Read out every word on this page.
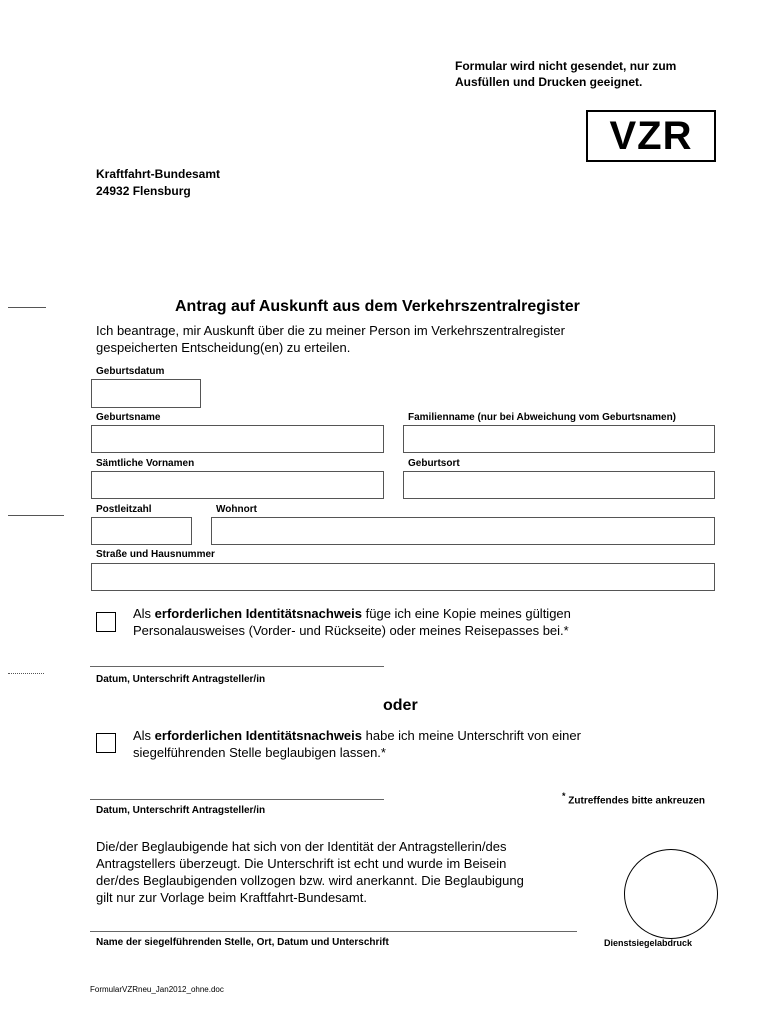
Formular wird nicht gesendet, nur zum
Ausfüllen und Drucken geeignet.
VZR
Kraftfahrt-Bundesamt
24932 Flensburg
Antrag auf Auskunft aus dem Verkehrszentralregister
Ich beantrage, mir Auskunft über die zu meiner Person im Verkehrszentralregister
gespeicherten Entscheidung(en) zu erteilen.
Geburtsdatum
Geburtsname	Familienname (nur bei Abweichung vom Geburtsnamen)
Sämtliche Vornamen	Geburtsort
Postleitzahl	Wohnort
Straße und Hausnummer
Als erforderlichen Identitätsnachweis füge ich eine Kopie meines gültigen
Personalausweises (Vorder- und Rückseite) oder meines Reisepasses bei.*
Datum, Unterschrift Antragsteller/in
oder
Als erforderlichen Identitätsnachweis habe ich meine Unterschrift von einer
siegelführenden Stelle beglaubigen lassen.*
* Zutreffendes bitte ankreuzen
Datum, Unterschrift Antragsteller/in
Die/der Beglaubigende hat sich von der Identität der Antragstellerin/des
Antragstellers überzeugt. Die Unterschrift ist echt und wurde im Beisein
der/des Beglaubigenden vollzogen bzw. wird anerkannt. Die Beglaubigung
gilt nur zur Vorlage beim Kraftfahrt-Bundesamt.
Name der siegelführenden Stelle, Ort, Datum und Unterschrift	Dienstsiegelabdruck
FormularVZRneu_Jan2012_ohne.doc
